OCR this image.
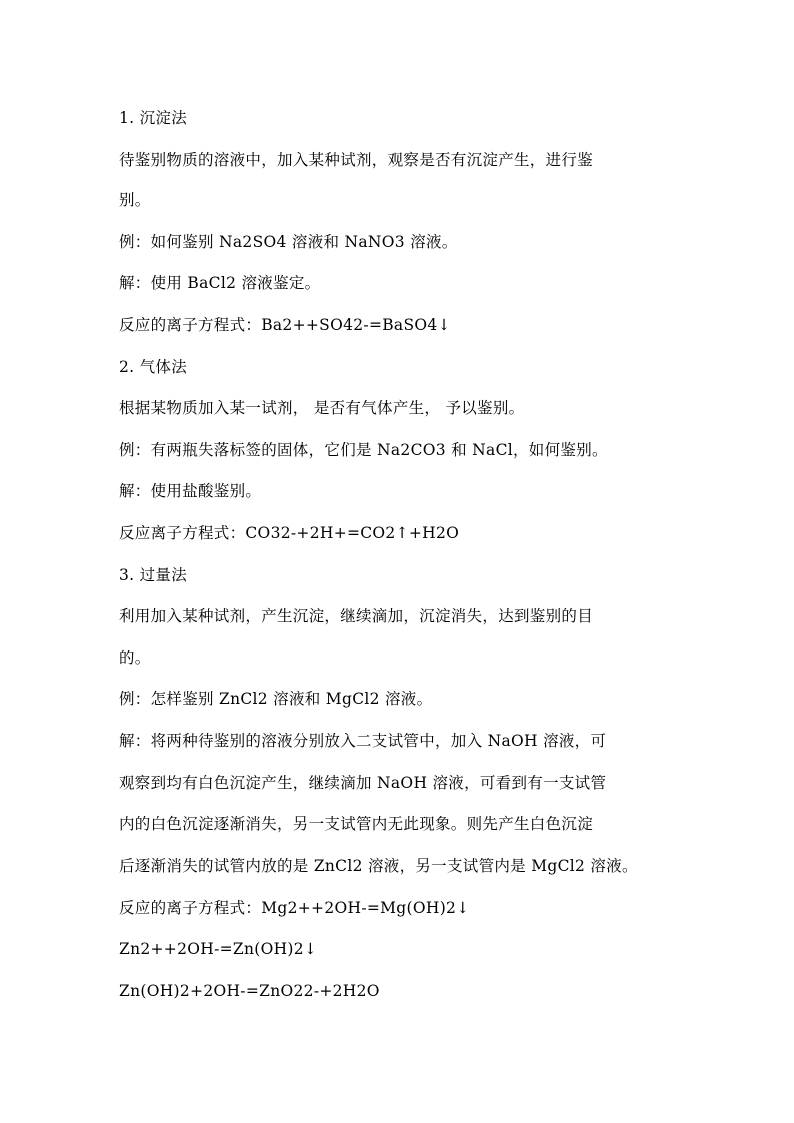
1. 沉淀法
待鉴别物质的溶液中，加入某种试剂，观察是否有沉淀产生，进行鉴
别。
例：如何鉴别 Na2SO4 溶液和 NaNO3 溶液。
解：使用 BaCl2 溶液鉴定。
反应的离子方程式：Ba2++SO42-=BaSO4↓
2. 气体法
根据某物质加入某一试剂， 是否有气体产生， 予以鉴别。
例：有两瓶失落标签的固体，它们是 Na2CO3 和 NaCl，如何鉴别。
解：使用盐酸鉴别。
反应离子方程式：CO32-+2H+=CO2↑+H2O
3. 过量法
利用加入某种试剂，产生沉淀，继续滴加，沉淀消失，达到鉴别的目
的。
例：怎样鉴别 ZnCl2 溶液和 MgCl2 溶液。
解：将两种待鉴别的溶液分别放入二支试管中，加入 NaOH 溶液，可
观察到均有白色沉淀产生，继续滴加 NaOH 溶液，可看到有一支试管
内的白色沉淀逐渐消失，另一支试管内无此现象。则先产生白色沉淀
后逐渐消失的试管内放的是 ZnCl2 溶液，另一支试管内是 MgCl2 溶液。
反应的离子方程式：Mg2++2OH-=Mg(OH)2↓
Zn2++2OH-=Zn(OH)2↓
Zn(OH)2+2OH-=ZnO22-+2H2O
